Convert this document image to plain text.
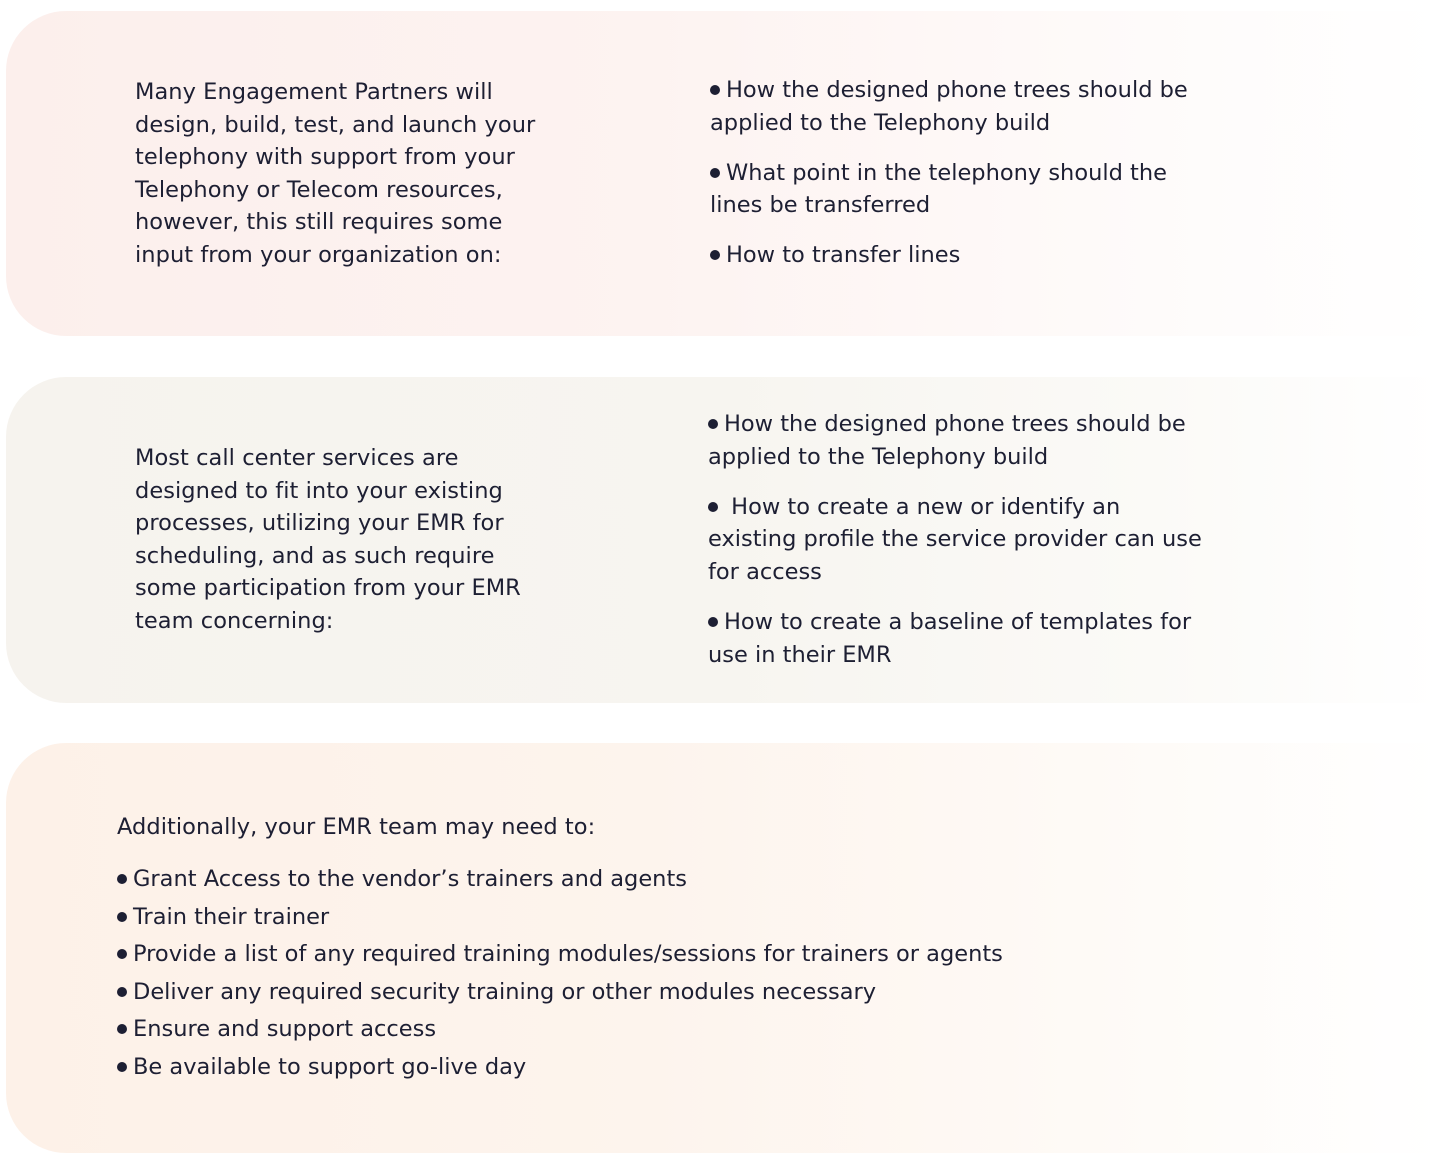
Many Engagement Partners will
design, build, test, and launch your
telephony with support from your
Telephony or Telecom resources,
however, this still requires some
input from your organization on:

How the designed phone trees should be
applied to the Telephony build
What point in the telephony should the
lines be transferred
How to transfer lines

Most call center services are
designed to fit into your existing
processes, utilizing your EMR for
scheduling, and as such require
some participation from your EMR
team concerning:

How the designed phone trees should be
applied to the Telephony build
How to create a new or identify an
existing profile the service provider can use
for access
How to create a baseline of templates for
use in their EMR

Additionally, your EMR team may need to:

Grant Access to the vendor’s trainers and agents
Train their trainer
Provide a list of any required training modules/sessions for trainers or agents
Deliver any required security training or other modules necessary
Ensure and support access
Be available to support go-live day
